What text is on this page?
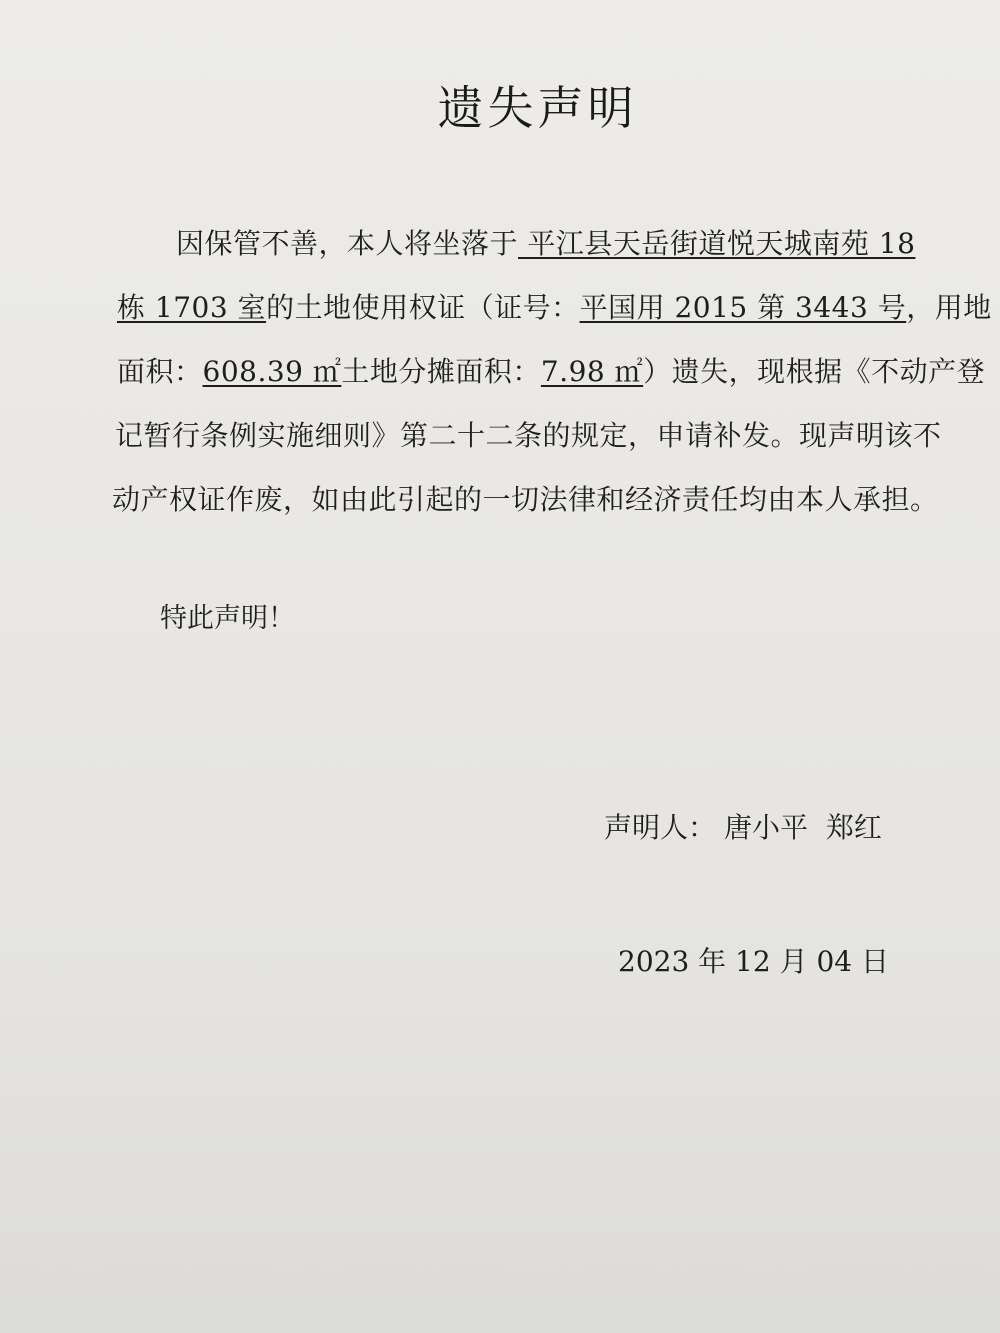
遗失声明
因保管不善，本人将坐落于 平江县天岳街道悦天城南苑 18
栋 1703 室的土地使用权证（证号：平国用 2015 第 3443 号，用地
面积：608.39 ㎡土地分摊面积：7.98 ㎡）遗失，现根据《不动产登
记暂行条例实施细则》第二十二条的规定，申请补发。现声明该不
动产权证作废，如由此引起的一切法律和经济责任均由本人承担。
特此声明！
声明人： 唐小平  郑红
2023 年 12 月 04 日
